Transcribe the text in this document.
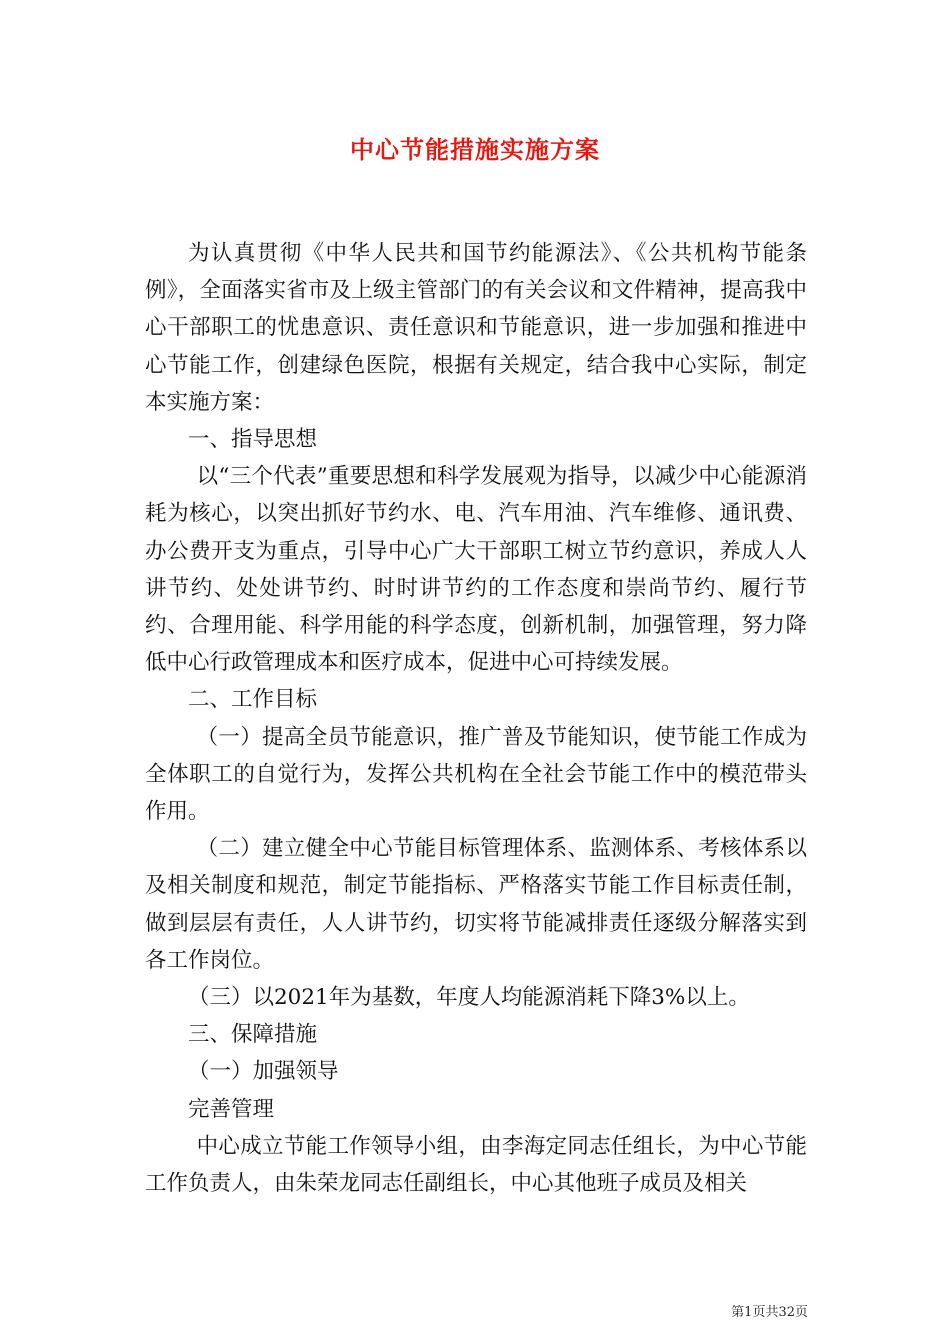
中心节能措施实施方案

为认真贯彻《中华人民共和国节约能源法》、《公共机构节能条例》，全面落实省市及上级主管部门的有关会议和文件精神，提高我中心干部职工的忧患意识、责任意识和节能意识，进一步加强和推进中心节能工作，创建绿色医院，根据有关规定，结合我中心实际，制定本实施方案：

一、指导思想

以“三个代表”重要思想和科学发展观为指导，以减少中心能源消耗为核心，以突出抓好节约水、电、汽车用油、汽车维修、通讯费、办公费开支为重点，引导中心广大干部职工树立节约意识，养成人人讲节约、处处讲节约、时时讲节约的工作态度和崇尚节约、履行节约、合理用能、科学用能的科学态度，创新机制，加强管理，努力降低中心行政管理成本和医疗成本，促进中心可持续发展。

二、工作目标

（一）提高全员节能意识，推广普及节能知识，使节能工作成为全体职工的自觉行为，发挥公共机构在全社会节能工作中的模范带头作用。

（二）建立健全中心节能目标管理体系、监测体系、考核体系以及相关制度和规范，制定节能指标、严格落实节能工作目标责任制，做到层层有责任，人人讲节约，切实将节能减排责任逐级分解落实到各工作岗位。

（三）以2021年为基数，年度人均能源消耗下降3%以上。

三、保障措施

（一）加强领导

完善管理

中心成立节能工作领导小组，由李海定同志任组长，为中心节能工作负责人，由朱荣龙同志任副组长，中心其他班子成员及相关

第1页共32页
